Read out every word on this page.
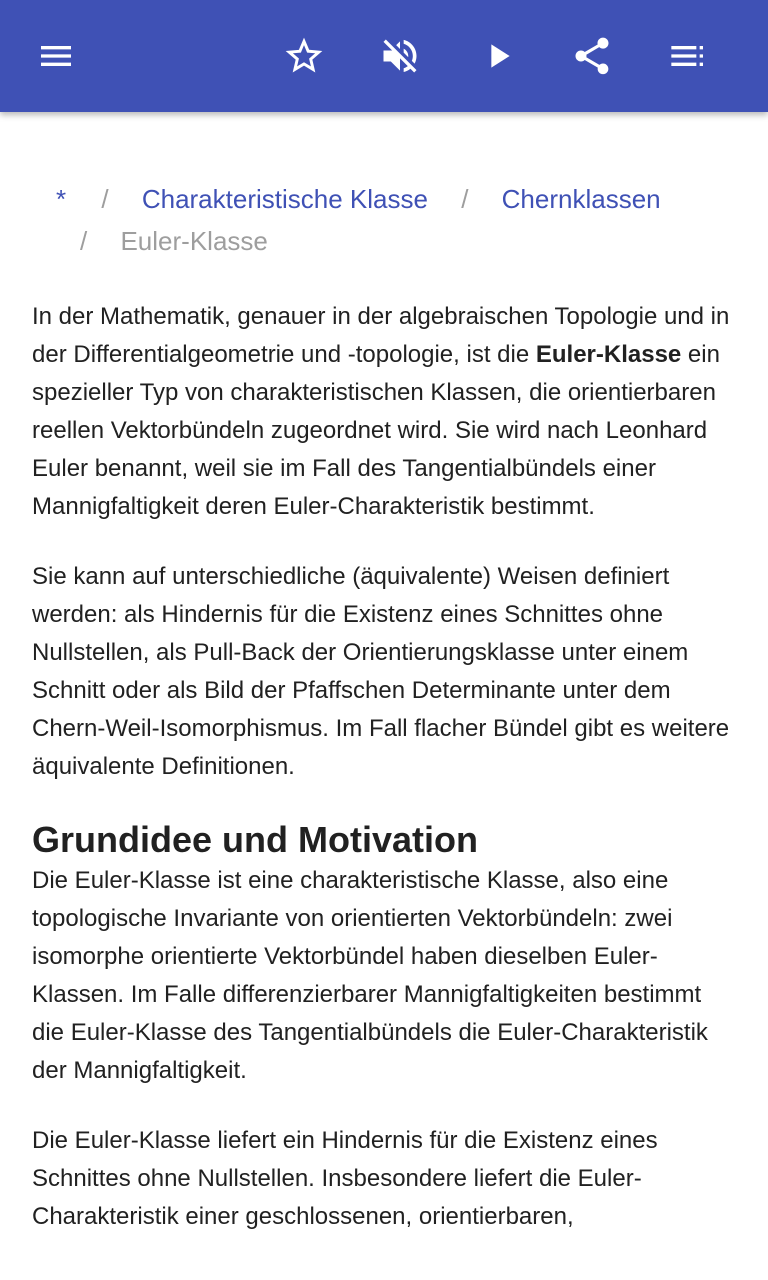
* / Charakteristische Klasse / Chernklassen
/ Euler-Klasse

In der Mathematik, genauer in der algebraischen Topologie und in der Differentialgeometrie und -topologie, ist die Euler-Klasse ein spezieller Typ von charakteristischen Klassen, die orientierbaren reellen Vektorbündeln zugeordnet wird. Sie wird nach Leonhard Euler benannt, weil sie im Fall des Tangentialbündels einer Mannigfaltigkeit deren Euler-Charakteristik bestimmt.

Sie kann auf unterschiedliche (äquivalente) Weisen definiert werden: als Hindernis für die Existenz eines Schnittes ohne Nullstellen, als Pull-Back der Orientierungsklasse unter einem Schnitt oder als Bild der Pfaffschen Determinante unter dem Chern-Weil-Isomorphismus. Im Fall flacher Bündel gibt es weitere äquivalente Definitionen.

Grundidee und Motivation

Die Euler-Klasse ist eine charakteristische Klasse, also eine topologische Invariante von orientierten Vektorbündeln: zwei isomorphe orientierte Vektorbündel haben dieselben Euler-Klassen. Im Falle differenzierbarer Mannigfaltigkeiten bestimmt die Euler-Klasse des Tangentialbündels die Euler-Charakteristik der Mannigfaltigkeit.

Die Euler-Klasse liefert ein Hindernis für die Existenz eines Schnittes ohne Nullstellen. Insbesondere liefert die Euler-Charakteristik einer geschlossenen, orientierbaren,
